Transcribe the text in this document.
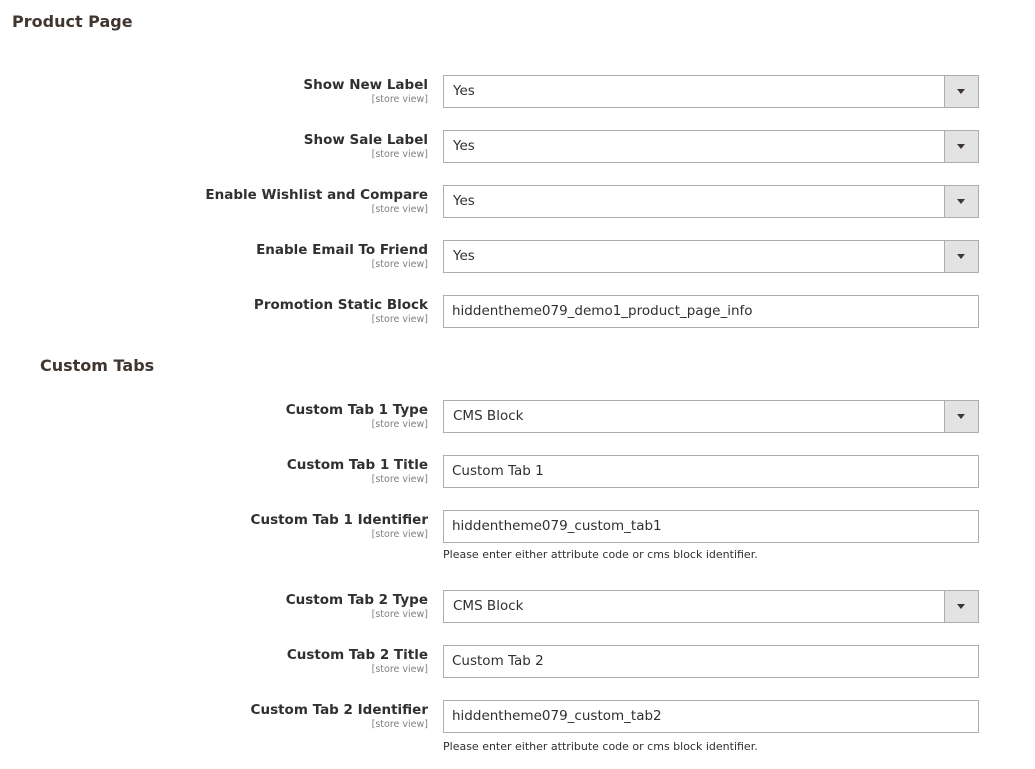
Product Page
Custom Tabs
Show New Label
[store view]
Yes
Show Sale Label
[store view]
Yes
Enable Wishlist and Compare
[store view]
Yes
Enable Email To Friend
[store view]
Yes
Promotion Static Block
[store view]
hiddentheme079_demo1_product_page_info
Custom Tab 1 Type
[store view]
CMS Block
Custom Tab 1 Title
[store view]
Custom Tab 1
Custom Tab 1 Identifier
[store view]
hiddentheme079_custom_tab1
Custom Tab 2 Type
[store view]
CMS Block
Custom Tab 2 Title
[store view]
Custom Tab 2
Custom Tab 2 Identifier
[store view]
hiddentheme079_custom_tab2
Please enter either attribute code or cms block identifier.
Please enter either attribute code or cms block identifier.
